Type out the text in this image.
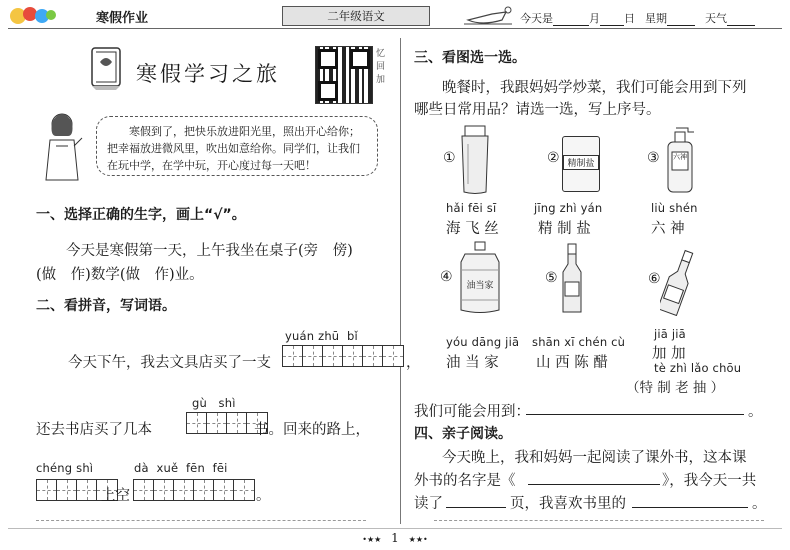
寒假作业	二年级语文	今天是	月 日 星期	天气
寒假学习之旅
忆回加
寒假到了，把快乐放进阳光里，照出开心给你；把幸福放进微风里，吹出如意给你。同学们，让我们在玩中学，在学中玩，开心度过每一天吧！
一、选择正确的生字，画上“√”。
今天是寒假第一天，上午我坐在桌子(旁　傍)
(做　作)数学(做　作)业。
二、看拼音，写词语。
yuán zhū  bǐ
今天下午，我去文具店买了一支	，
gù   shì
还去书店买了几本	书。回来的路上，
chéng shì	dà  xuě  fēn  fēi
上空	。
三、看图选一选。
晚餐时，我跟妈妈学炒菜，我们可能会用到下列
哪些日常用品？请选一选，写上序号。
①
hǎi fēi sī
海 飞 丝
② 精制盐
jīng zhì yán
精 制 盐
③ 六神
liù shén
六 神
④
油当家
yóu dāng jiā
油 当 家
⑤
shān xī chén cù
山 西 陈 醋
⑥
jiā jiā
加 加
tè zhì lǎo chōu
（特 制 老 抽 ）
我们可能会用到：	。
四、亲子阅读。
今天晚上，我和妈妈一起阅读了课外书，这本课
外书的名字是《	》，我今天一共
读了	页，我喜欢书里的	。
•★★ 1 ★★•
